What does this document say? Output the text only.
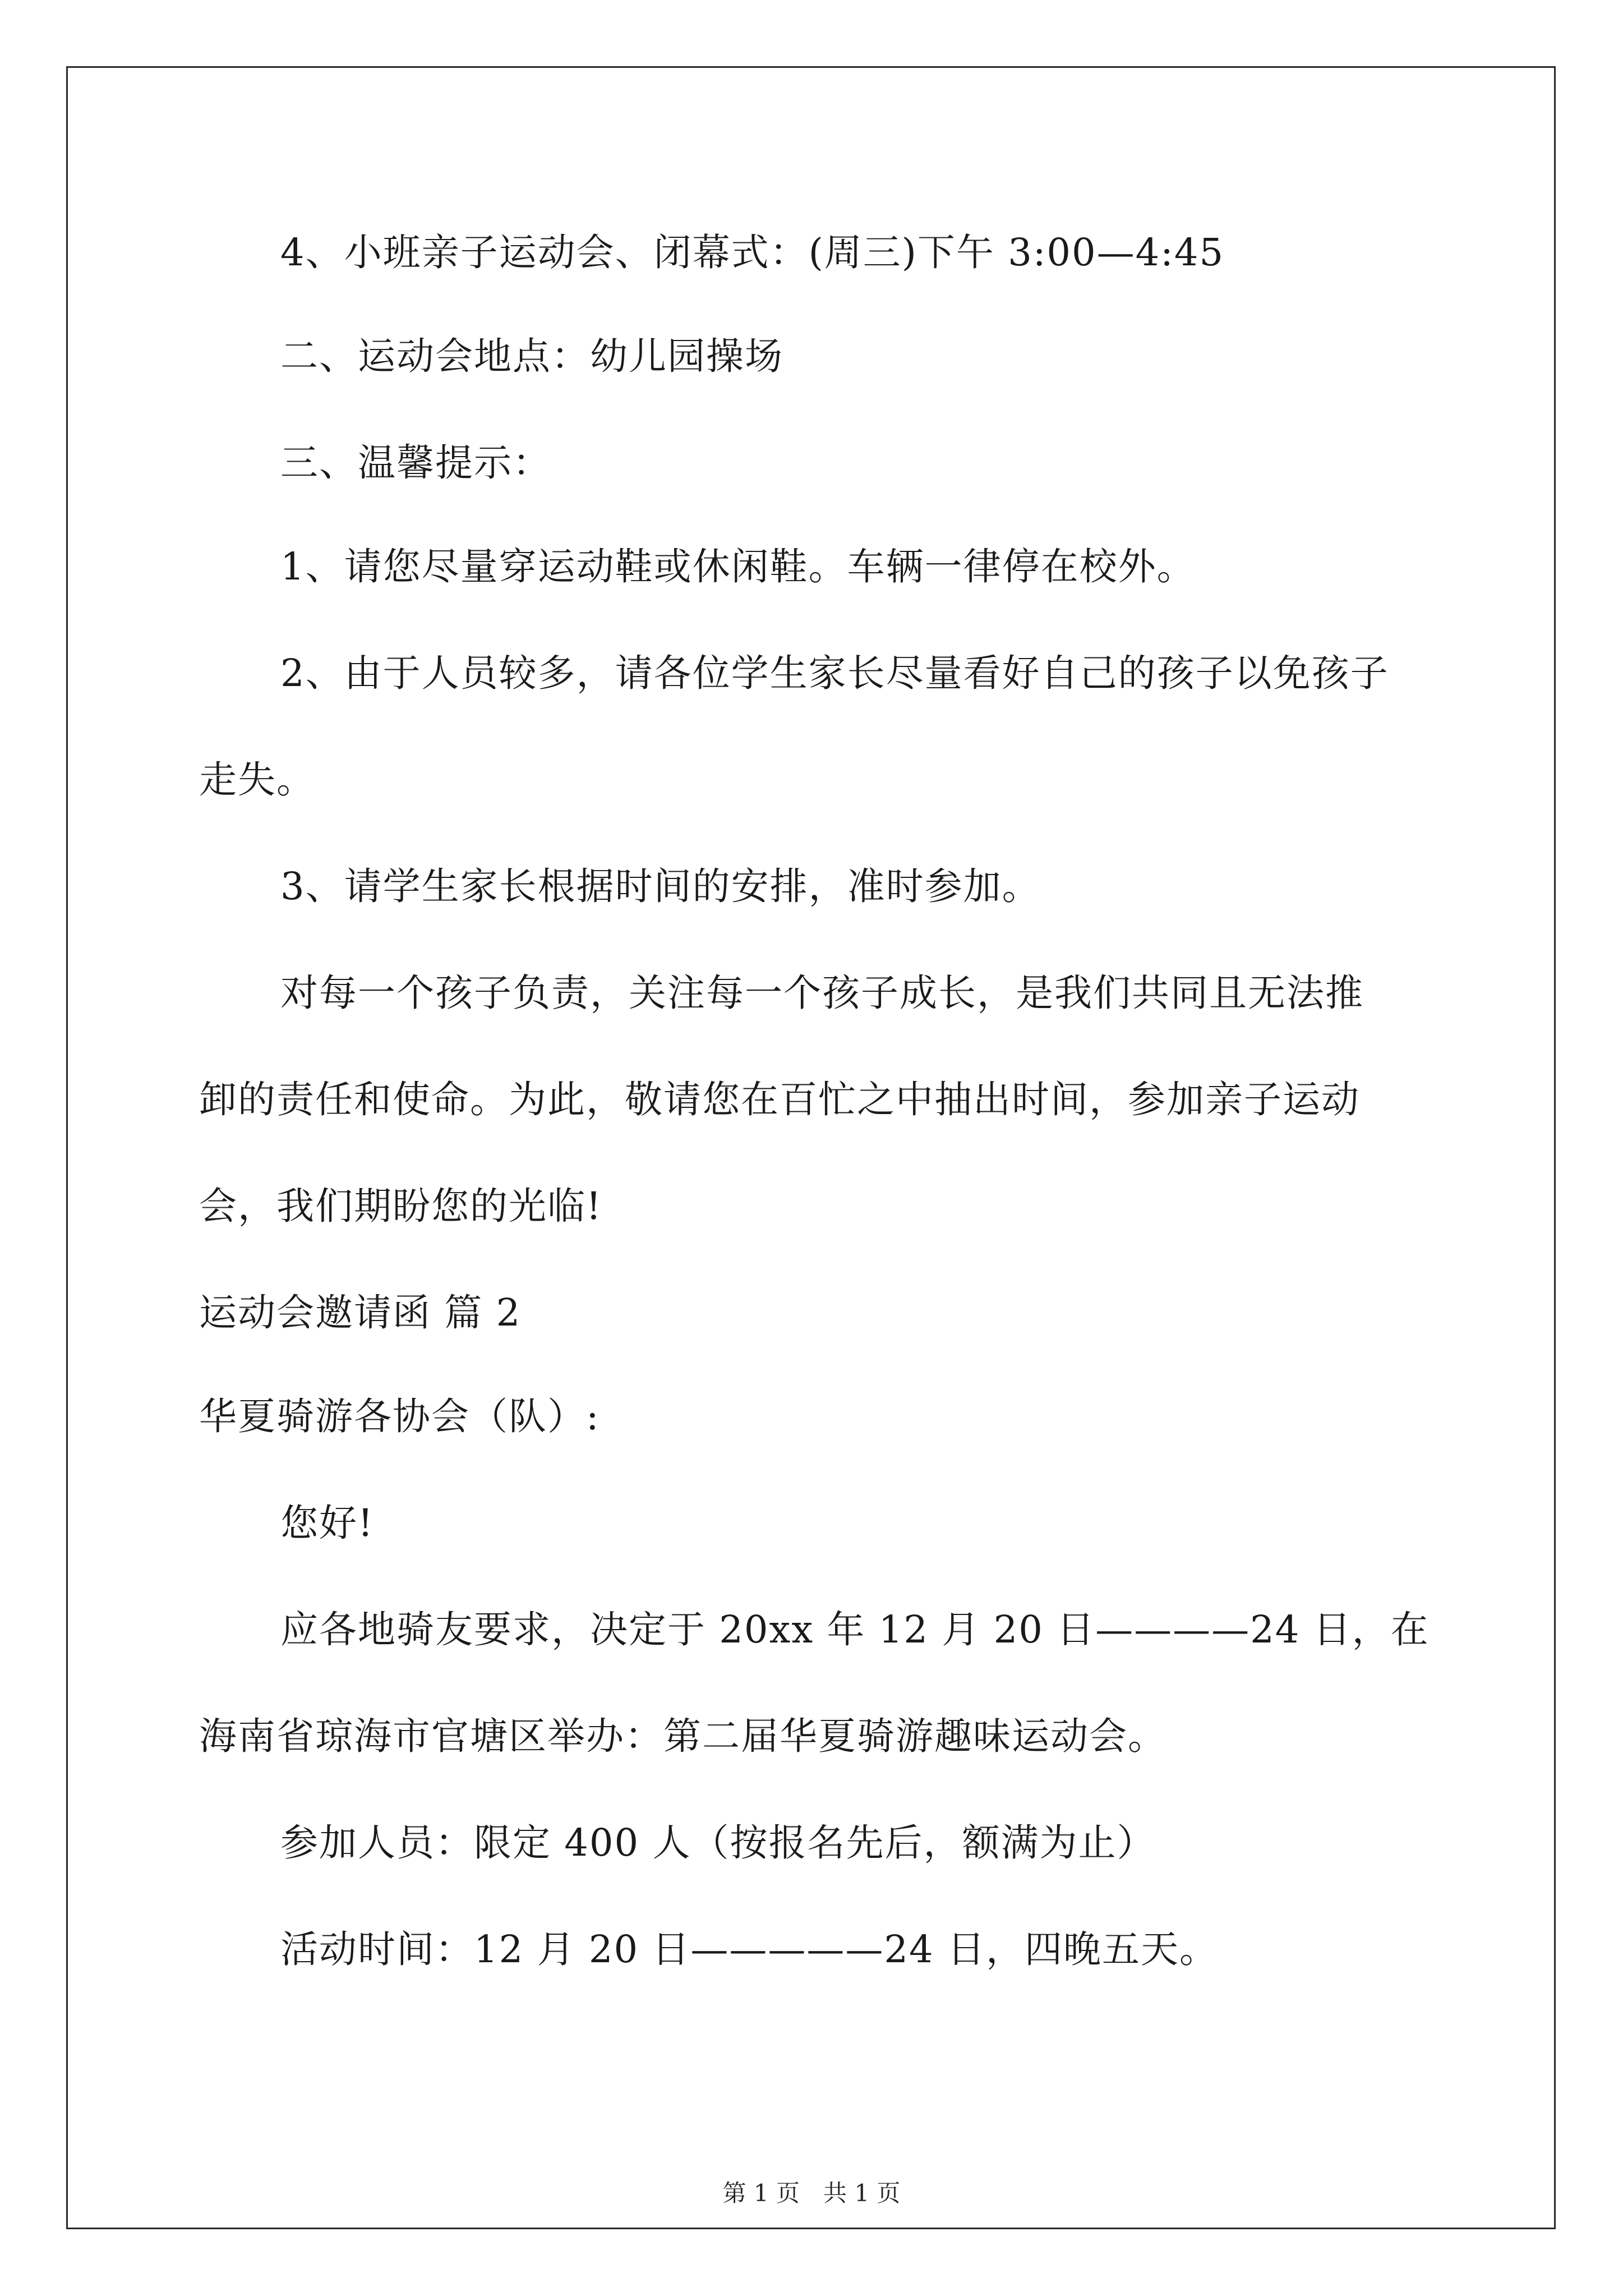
4、小班亲子运动会、闭幕式：(周三)下午 3:00—4:45
二、运动会地点：幼儿园操场
三、温馨提示：
1、请您尽量穿运动鞋或休闲鞋。车辆一律停在校外。
2、由于人员较多，请各位学生家长尽量看好自己的孩子以免孩子
走失。
3、请学生家长根据时间的安排，准时参加。
对每一个孩子负责，关注每一个孩子成长，是我们共同且无法推
卸的责任和使命。为此，敬请您在百忙之中抽出时间，参加亲子运动
会，我们期盼您的光临!
运动会邀请函 篇 2
华夏骑游各协会（队）:
您好!
应各地骑友要求，决定于 20xx 年 12 月 20 日————24 日，在
海南省琼海市官塘区举办：第二届华夏骑游趣味运动会。
参加人员：限定 400 人（按报名先后，额满为止）
活动时间：12 月 20 日—————24 日，四晚五天。
第 1 页　共 1 页
